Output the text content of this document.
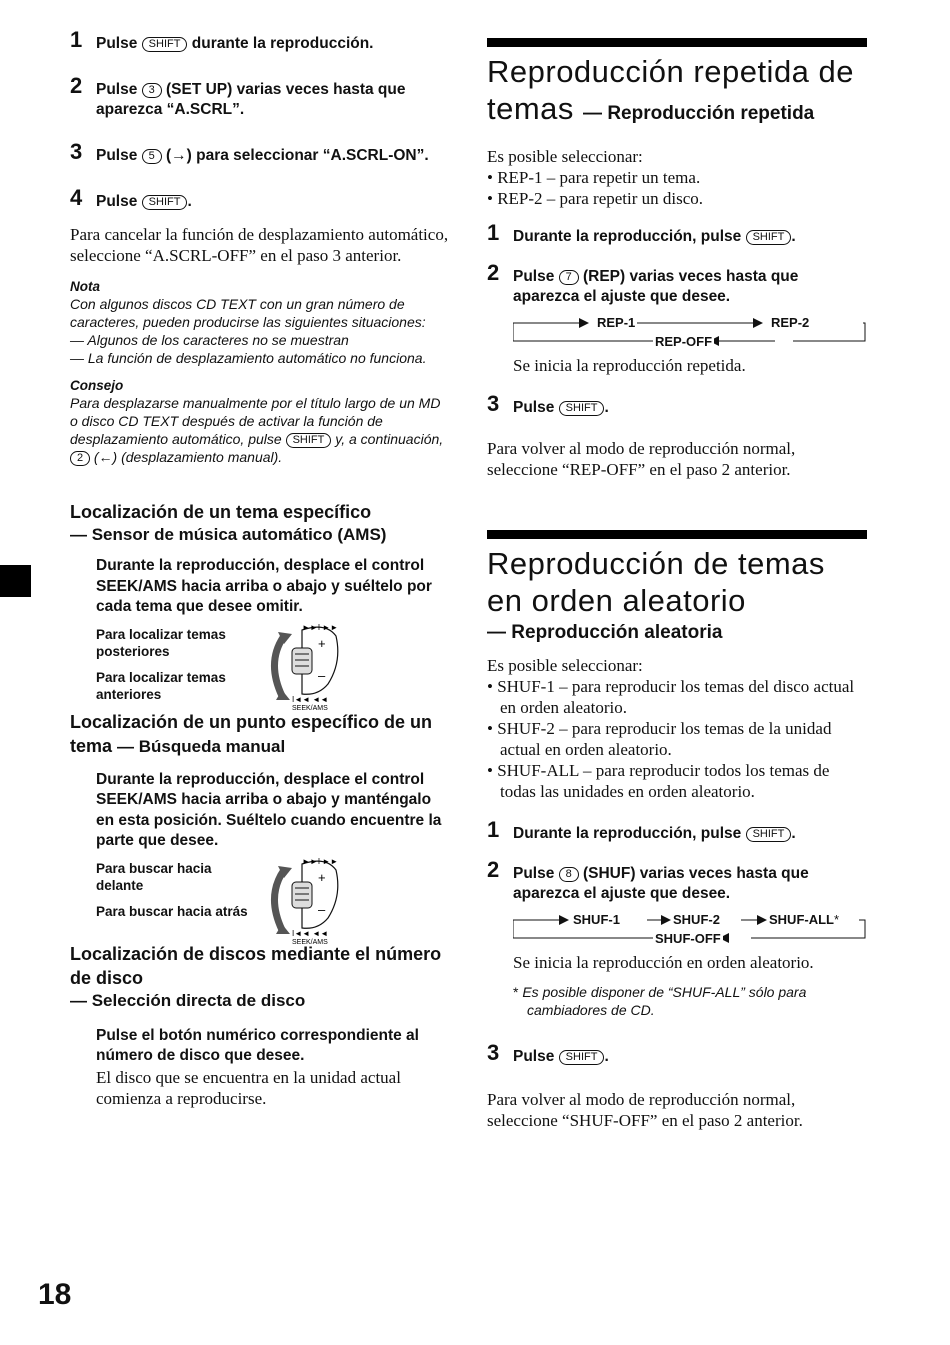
1 Pulse SHIFT durante la reproducción.
2 Pulse 3 (SET UP) varias veces hasta que aparezca “A.SCRL”.
3 Pulse 5 (→) para seleccionar “A.SCRL-ON”.
4 Pulse SHIFT .
Para cancelar la función de desplazamiento automático, seleccione “A.SCRL-OFF” en el paso 3 anterior.
Nota
Con algunos discos CD TEXT con un gran número de caracteres, pueden producirse las siguientes situaciones:
— Algunos de los caracteres no se muestran
— La función de desplazamiento automático no funciona.
Consejo
Para desplazarse manualmente por el título largo de un MD o disco CD TEXT después de activar la función de desplazamiento automático, pulse SHIFT y, a continuación, 2 (←) (desplazamiento manual).
Localización de un tema específico
— Sensor de música automático (AMS)
Durante la reproducción, desplace el control SEEK/AMS hacia arriba o abajo y suéltelo por cada tema que desee omitir.
Para localizar temas posteriores
Para localizar temas anteriores
+
–
►►I ►►
I◄◄ ◄◄
SEEK/AMS
Localización de un punto específico de un tema — Búsqueda manual
Durante la reproducción, desplace el control SEEK/AMS hacia arriba o abajo y manténgalo en esta posición. Suéltelo cuando encuentre la parte que desee.
Para buscar hacia delante
Para buscar hacia atrás
+
–
►►I ►►
I◄◄ ◄◄
SEEK/AMS
Localización de discos mediante el número de disco
— Selección directa de disco
Pulse el botón numérico correspondiente al número de disco que desee.
El disco que se encuentra en la unidad actual comienza a reproducirse.
Reproducción repetida de temas — Reproducción repetida
Es posible seleccionar:
• REP-1 – para repetir un tema.
• REP-2 – para repetir un disco.
1 Durante la reproducción, pulse SHIFT .
2 Pulse 7 (REP) varias veces hasta que aparezca el ajuste que desee.
REP-1	REP-2
REP-OFF
Se inicia la reproducción repetida.
3 Pulse SHIFT .
Para volver al modo de reproducción normal, seleccione “REP-OFF” en el paso 2 anterior.
Reproducción de temas en orden aleatorio
— Reproducción aleatoria
Es posible seleccionar:
• SHUF-1 – para reproducir los temas del disco actual en orden aleatorio.
• SHUF-2 – para reproducir los temas de la unidad actual en orden aleatorio.
• SHUF-ALL – para reproducir todos los temas de todas las unidades en orden aleatorio.
1 Durante la reproducción, pulse SHIFT .
2 Pulse 8 (SHUF) varias veces hasta que aparezca el ajuste que desee.
SHUF-1	SHUF-2	SHUF-ALL*
SHUF-OFF
Se inicia la reproducción en orden aleatorio.
* Es posible disponer de “SHUF-ALL” sólo para cambiadores de CD.
3 Pulse SHIFT .
Para volver al modo de reproducción normal, seleccione “SHUF-OFF” en el paso 2 anterior.
18
